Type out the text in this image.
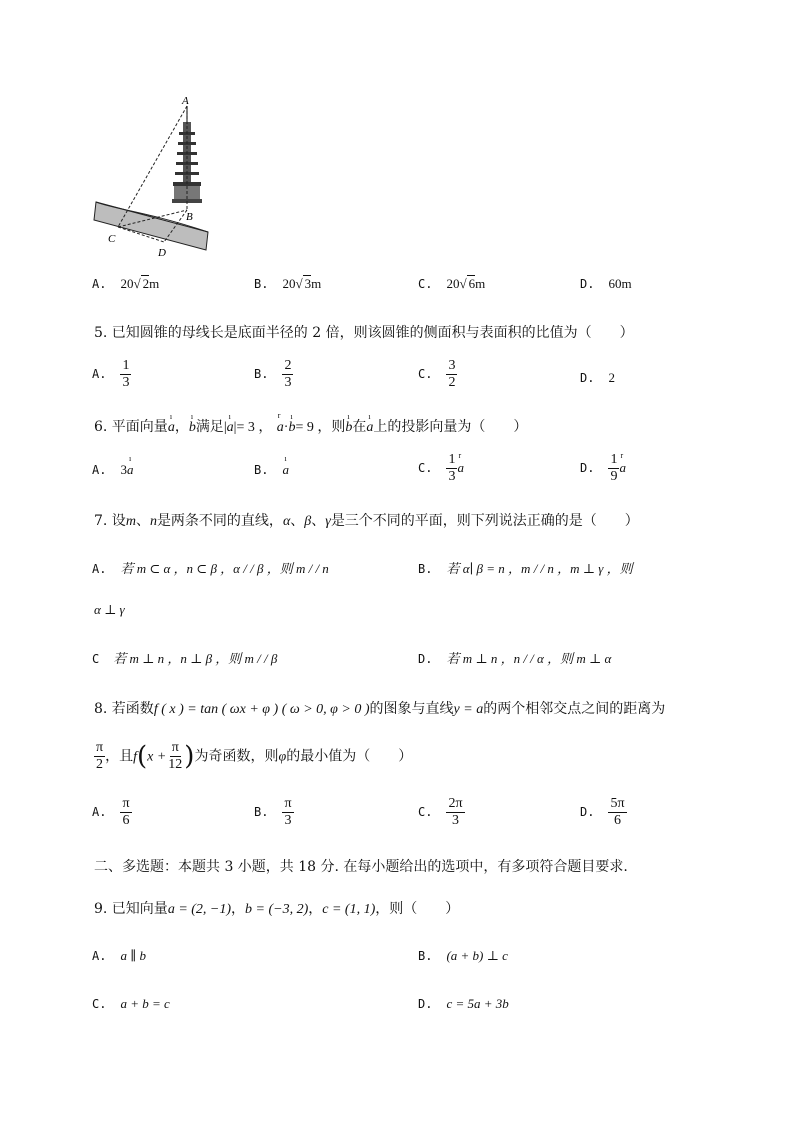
A
B
C
D
A. 20√ 2m	B. 20√ 3m	C. 20√ 6m	D. 60m
5. 已知圆锥的母线长是底面半径的 2 倍，则该圆锥的侧面积与表面积的比值为（　　）
A. $\frac{1}{3}$	B. $\frac{2}{3}$	C. $\frac{3}{2}$	D. 2
6. 平面向量ı a，ı b满足|ı a|= 3 ， r a·ı b= 9 ，则ı b在ı a上的投影向量为（　　）
A. 3ı a	B. ı a	C. $\frac{1}{3}$ r a	D. $\frac{1}{9}$ r a
7. 设m、n是两条不同的直线，α、β、γ是三个不同的平面，则下列说法正确的是（　　）
A. 若 m ⊂ α ，n ⊂ β ，α / / β ，则 m / / n	B. 若 α∣ β = n ，m / / n ，m ⊥ γ ，则
α ⊥ γ
C 若 m ⊥ n ，n ⊥ β ，则 m / / β	D. 若 m ⊥ n ，n / / α ，则 m ⊥ α
8. 若函数f ( x ) = tan ( ωx + φ ) ( ω > 0, φ > 0 )的图象与直线y = a的两个相邻交点之间的距离为
$\frac{\pi}{2}$ ，且$f(x + \frac{\pi}{12}$ )为奇函数，则φ的最小值为（　　）
A. $\frac{\pi}{6}$	B. $\frac{\pi}{3}$	C. $\frac{2\pi}{3}$	D. $\frac{5\pi}{6}$
二、多选题：本题共 3 小题，共 18 分. 在每小题给出的选项中，有多项符合题目要求.
9. 已知向量a = (2, −1)，b = (−3, 2)，c = (1, 1)，则（　　）
A. a ∥ b	B. (a + b) ⊥ c
C. a + b = c	D. c = 5a + 3b
